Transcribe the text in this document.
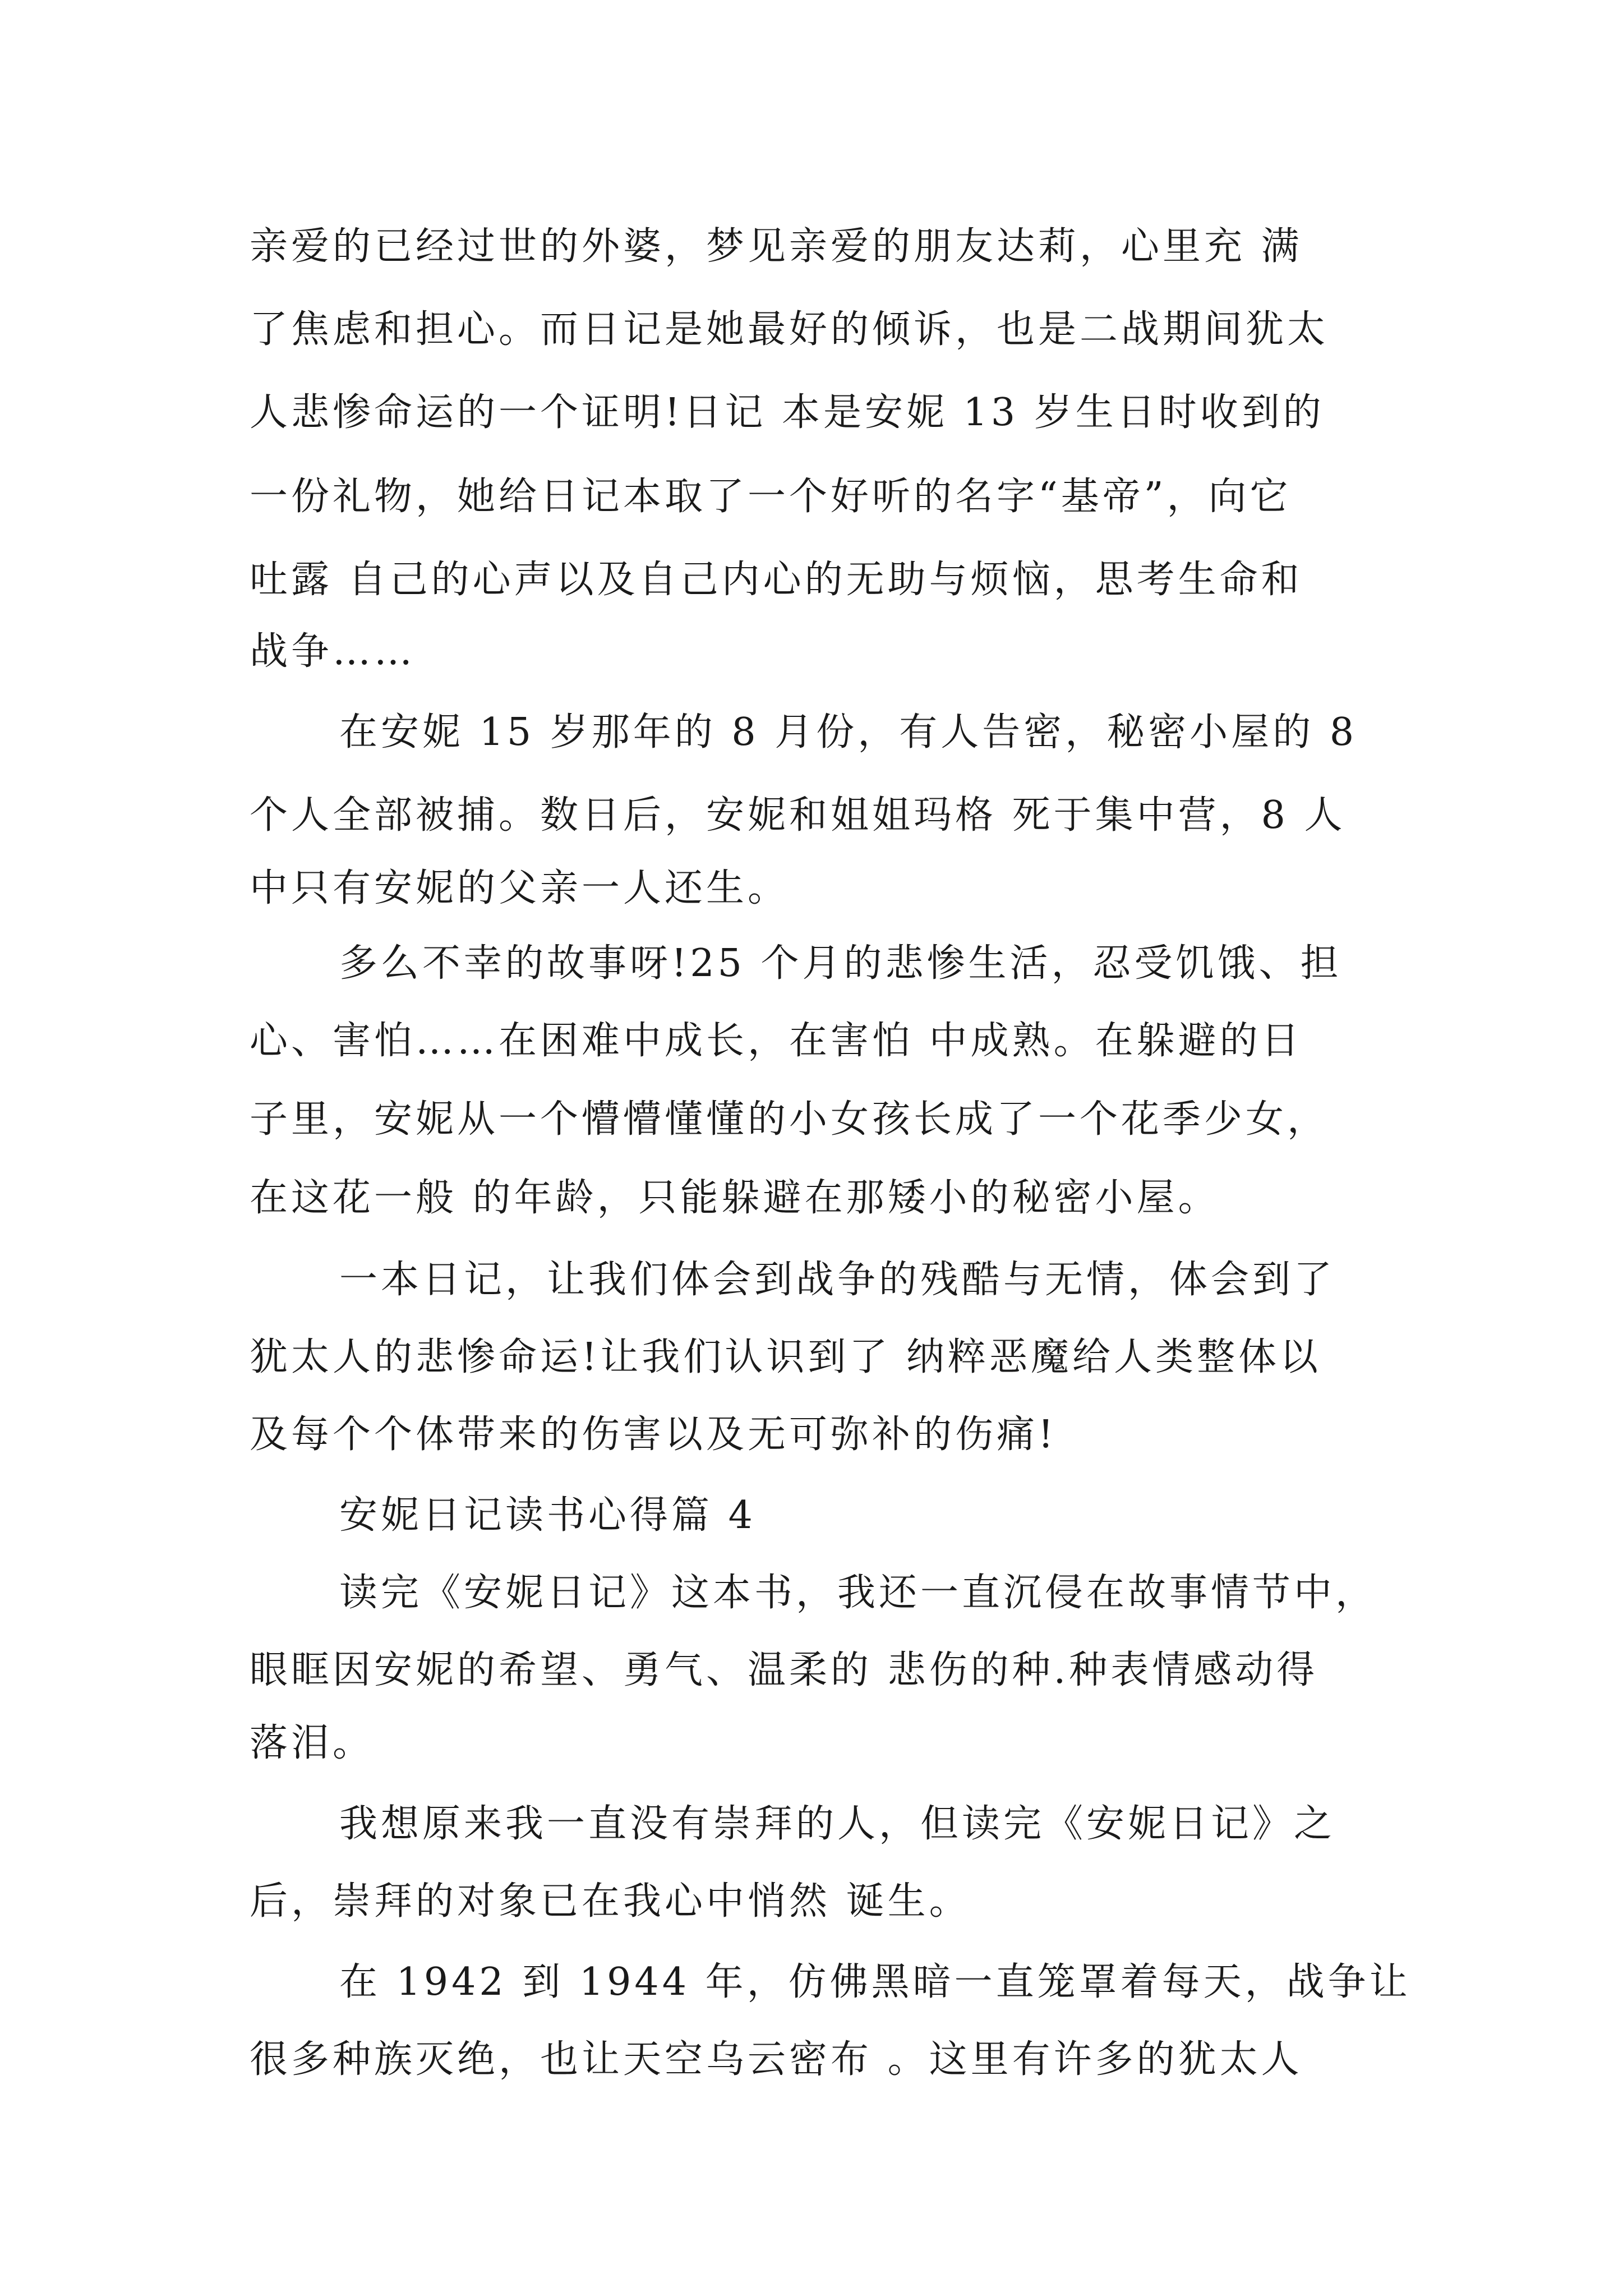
亲爱的已经过世的外婆，梦见亲爱的朋友达莉，心里充 满
了焦虑和担心。而日记是她最好的倾诉，也是二战期间犹太
人悲惨命运的一个证明!日记 本是安妮 13 岁生日时收到的
一份礼物，她给日记本取了一个好听的名字“基帝”，向它
吐露 自己的心声以及自己内心的无助与烦恼，思考生命和
战争……
在安妮 15 岁那年的 8 月份，有人告密，秘密小屋的 8
个人全部被捕。数日后，安妮和姐姐玛格 死于集中营，8 人
中只有安妮的父亲一人还生。
多么不幸的故事呀!25 个月的悲惨生活，忍受饥饿、担
心、害怕……在困难中成长，在害怕 中成熟。在躲避的日
子里，安妮从一个懵懵懂懂的小女孩长成了一个花季少女，
在这花一般 的年龄，只能躲避在那矮小的秘密小屋。
一本日记，让我们体会到战争的残酷与无情，体会到了
犹太人的悲惨命运!让我们认识到了 纳粹恶魔给人类整体以
及每个个体带来的伤害以及无可弥补的伤痛!
安妮日记读书心得篇 4
读完《安妮日记》这本书，我还一直沉侵在故事情节中，
眼眶因安妮的希望、勇气、温柔的 悲伤的种.种表情感动得
落泪。
我想原来我一直没有崇拜的人，但读完《安妮日记》之
后，崇拜的对象已在我心中悄然 诞生。
在 1942 到 1944 年，仿佛黑暗一直笼罩着每天，战争让
很多种族灭绝，也让天空乌云密布 。这里有许多的犹太人
